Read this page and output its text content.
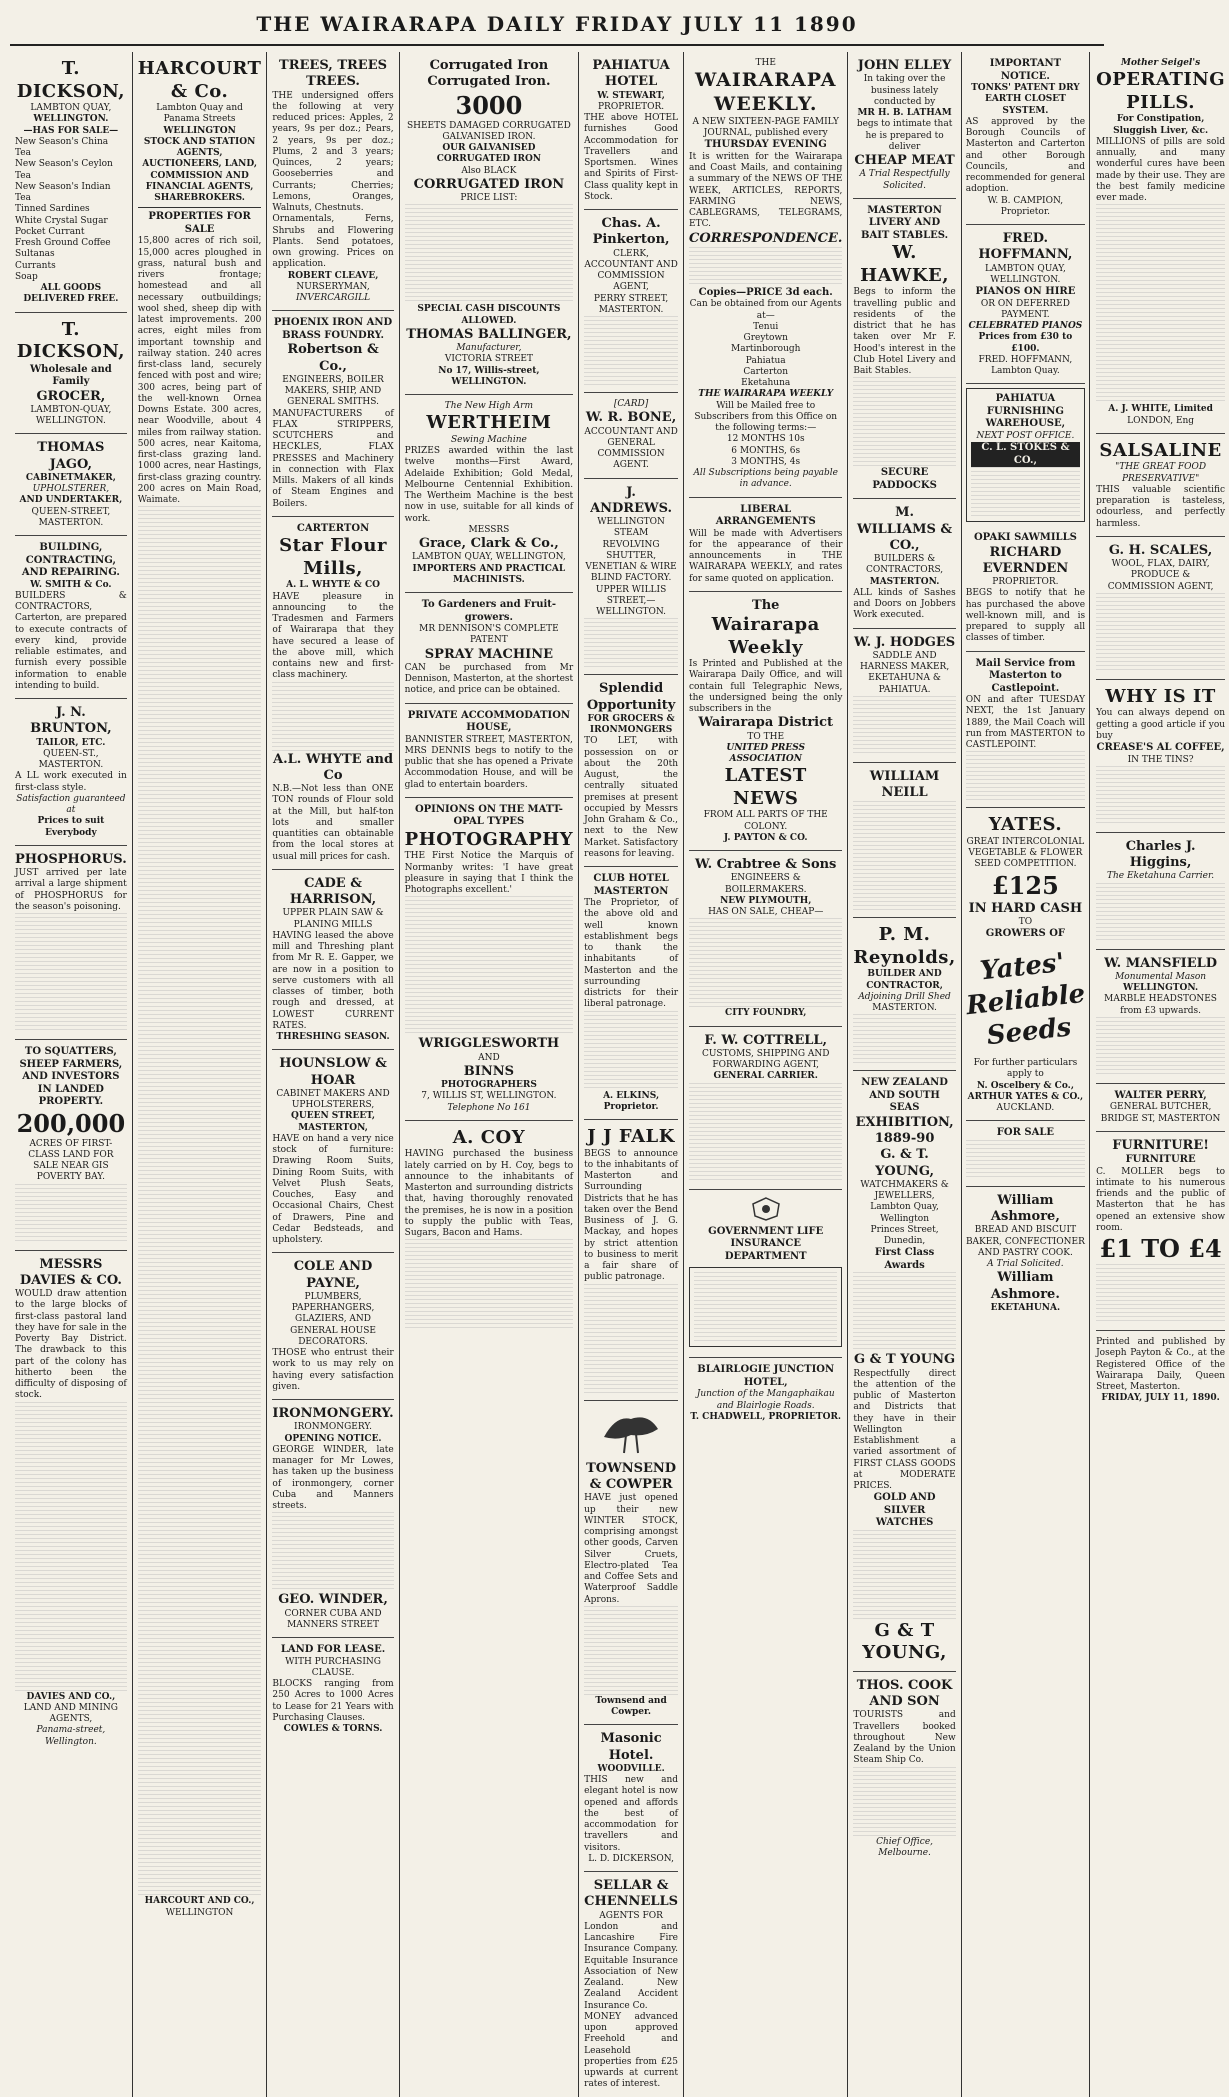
THE WAIRARAPA DAILY FRIDAY JULY 11 1890
T. DICKSON,
LAMBTON QUAY,
WELLINGTON.
—HAS FOR SALE—
New Season's China Tea
New Season's Ceylon Tea
New Season's Indian Tea
Tinned Sardines
White Crystal Sugar
Pocket Currant
Fresh Ground Coffee
Sultanas
Currants
Soap
ALL GOODS DELIVERED FREE.
T. DICKSON,
Wholesale and Family
GROCER,
LAMBTON-QUAY,
WELLINGTON.
THOMAS JAGO,
CABINETMAKER,
UPHOLSTERER,
AND UNDERTAKER,
QUEEN-STREET, MASTERTON.
BUILDING, CONTRACTING, AND REPAIRING.
W. SMITH & Co.
BUILDERS & CONTRACTORS, Carterton, are prepared to execute contracts of every kind, provide reliable estimates, and furnish every possible information to enable intending to build.
J. N. BRUNTON,
TAILOR, ETC.
QUEEN-ST., MASTERTON.
A LL work executed in first-class style.
Satisfaction guaranteed at
Prices to suit Everybody
PHOSPHORUS.
JUST arrived per late arrival a large shipment of PHOSPHORUS for the season's poisoning.
TO SQUATTERS, SHEEP FARMERS, AND INVESTORS IN LANDED PROPERTY.
200,000
ACRES OF FIRST-CLASS LAND FOR SALE NEAR GIS POVERTY BAY.
MESSRS DAVIES & CO.
WOULD draw attention to the large blocks of first-class pastoral land they have for sale in the Poverty Bay District. The drawback to this part of the colony has hitherto been the difficulty of disposing of stock.
DAVIES AND CO.,
LAND AND MINING AGENTS,
Panama-street, Wellington.
HARCOURT & Co.
Lambton Quay and Panama Streets
WELLINGTON
STOCK AND STATION AGENTS, AUCTIONEERS, LAND, COMMISSION AND FINANCIAL AGENTS, SHAREBROKERS.
PROPERTIES FOR SALE
15,800 acres of rich soil, 15,000 acres ploughed in grass, natural bush and rivers frontage; homestead and all necessary outbuildings; wool shed, sheep dip with latest improvements. 200 acres, eight miles from important township and railway station. 240 acres first-class land, securely fenced with post and wire; 300 acres, being part of the well-known Ornea Downs Estate. 300 acres, near Woodville, about 4 miles from railway station. 500 acres, near Kaitoma, first-class grazing land. 1000 acres, near Hastings, first-class grazing country. 200 acres on Main Road, Waimate.
HARCOURT AND CO.,
WELLINGTON
TREES, TREES TREES.
THE undersigned offers the following at very reduced prices: Apples, 2 years, 9s per doz.; Pears, 2 years, 9s per doz.; Plums, 2 and 3 years; Quinces, 2 years; Gooseberries and Currants; Cherries; Lemons, Oranges, Walnuts, Chestnuts.
Ornamentals, Ferns, Shrubs and Flowering Plants. Send potatoes, own growing. Prices on application.
ROBERT CLEAVE,
NURSERYMAN,
INVERCARGILL
PHOENIX IRON AND BRASS FOUNDRY.
Robertson & Co.,
ENGINEERS, BOILER MAKERS, SHIP, AND GENERAL SMITHS.
MANUFACTURERS of FLAX STRIPPERS, SCUTCHERS and HECKLES, FLAX PRESSES and Machinery in connection with Flax Mills. Makers of all kinds of Steam Engines and Boilers.
CARTERTON
Star Flour Mills,
A. L. WHYTE & CO
HAVE pleasure in announcing to the Tradesmen and Farmers of Wairarapa that they have secured a lease of the above mill, which contains new and first-class machinery.
A.L. WHYTE and Co
N.B.—Not less than ONE TON rounds of Flour sold at the Mill, but half-ton lots and smaller quantities can obtainable from the local stores at usual mill prices for cash.
CADE & HARRISON,
UPPER PLAIN SAW & PLANING MILLS
HAVING leased the above mill and Threshing plant from Mr R. E. Gapper, we are now in a position to serve customers with all classes of timber, both rough and dressed, at LOWEST CURRENT RATES.
THRESHING SEASON.
HOUNSLOW & HOAR
CABINET MAKERS AND UPHOLSTERERS,
QUEEN STREET, MASTERTON,
HAVE on hand a very nice stock of furniture: Drawing Room Suits, Dining Room Suits, with Velvet Plush Seats, Couches, Easy and Occasional Chairs, Chest of Drawers, Pine and Cedar Bedsteads, and upholstery.
COLE AND PAYNE,
PLUMBERS, PAPERHANGERS, GLAZIERS, AND GENERAL HOUSE DECORATORS.
THOSE who entrust their work to us may rely on having every satisfaction given.
IRONMONGERY.
IRONMONGERY.
OPENING NOTICE.
GEORGE WINDER, late manager for Mr Lowes, has taken up the business of ironmongery, corner Cuba and Manners streets.
GEO. WINDER,
CORNER CUBA AND MANNERS STREET
LAND FOR LEASE.
WITH PURCHASING CLAUSE.
BLOCKS ranging from 250 Acres to 1000 Acres to Lease for 21 Years with Purchasing Clauses.
COWLES & TORNS.
Corrugated Iron
Corrugated Iron.
3000
SHEETS DAMAGED CORRUGATED GALVANISED IRON.
OUR GALVANISED CORRUGATED IRON
Also BLACK
CORRUGATED IRON
PRICE LIST:
SPECIAL CASH DISCOUNTS ALLOWED.
THOMAS BALLINGER,
Manufacturer,
VICTORIA STREET
No 17, Willis-street,
WELLINGTON.
The New High Arm
WERTHEIM
Sewing Machine
PRIZES awarded within the last twelve months—First Award, Adelaide Exhibition; Gold Medal, Melbourne Centennial Exhibition. The Wertheim Machine is the best now in use, suitable for all kinds of work.
MESSRS
Grace, Clark & Co.,
LAMBTON QUAY, WELLINGTON,
IMPORTERS AND PRACTICAL MACHINISTS.
To Gardeners and Fruit-growers.
MR DENNISON'S COMPLETE PATENT
SPRAY MACHINE
CAN be purchased from Mr Dennison, Masterton, at the shortest notice, and price can be obtained.
PRIVATE ACCOMMODATION HOUSE,
BANNISTER STREET, MASTERTON,
MRS DENNIS begs to notify to the public that she has opened a Private Accommodation House, and will be glad to entertain boarders.
OPINIONS ON THE MATT-OPAL TYPES
PHOTOGRAPHY
THE First Notice the Marquis of Normanby writes: 'I have great pleasure in saying that I think the Photographs excellent.'
WRIGGLESWORTH
AND
BINNS
PHOTOGRAPHERS
7, WILLIS ST, WELLINGTON.
Telephone No 161
A. COY
HAVING purchased the business lately carried on by H. Coy, begs to announce to the inhabitants of Masterton and surrounding districts that, having thoroughly renovated the premises, he is now in a position to supply the public with Teas, Sugars, Bacon and Hams.
PAHIATUA HOTEL
W. STEWART,
PROPRIETOR.
THE above HOTEL furnishes Good Accommodation for Travellers and Sportsmen. Wines and Spirits of First-Class quality kept in Stock.
Chas. A. Pinkerton,
CLERK, ACCOUNTANT AND COMMISSION AGENT,
PERRY STREET, MASTERTON.
[CARD]
W. R. BONE,
ACCOUNTANT AND GENERAL COMMISSION AGENT.
J. ANDREWS.
WELLINGTON STEAM REVOLVING SHUTTER, VENETIAN & WIRE BLIND FACTORY.
UPPER WILLIS STREET,—WELLINGTON.
Splendid Opportunity
FOR GROCERS & IRONMONGERS
TO LET, with possession on or about the 20th August, the centrally situated premises at present occupied by Messrs John Graham & Co., next to the New Market. Satisfactory reasons for leaving.
CLUB HOTEL MASTERTON
The Proprietor, of the above old and well known establishment begs to thank the inhabitants of Masterton and the surrounding districts for their liberal patronage.
A. ELKINS, Proprietor.
J J FALK
BEGS to announce to the inhabitants of Masterton and Surrounding Districts that he has taken over the Bend Business of J. G. Mackay, and hopes by strict attention to business to merit a fair share of public patronage.
TOWNSEND & COWPER
HAVE just opened up their new WINTER STOCK, comprising amongst other goods, Carven Silver Cruets, Electro-plated Tea and Coffee Sets and Waterproof Saddle Aprons.
Townsend and Cowper.
Masonic Hotel.
WOODVILLE.
THIS new and elegant hotel is now opened and affords the best of accommodation for travellers and visitors.
L. D. DICKERSON,
SELLAR & CHENNELLS
AGENTS FOR
London and Lancashire Fire Insurance Company. Equitable Insurance Association of New Zealand. New Zealand Accident Insurance Co.
MONEY advanced upon approved Freehold and Leasehold properties from £25 upwards at current rates of interest.
THE
WAIRARAPA
WEEKLY.
A NEW SIXTEEN-PAGE FAMILY JOURNAL, published every
THURSDAY EVENING
It is written for the Wairarapa and Coast Mails, and containing a summary of the NEWS OF THE WEEK, ARTICLES, REPORTS, FARMING NEWS, CABLEGRAMS, TELEGRAMS, ETC.
CORRESPONDENCE.
Copies—PRICE 3d each.
Can be obtained from our Agents at—
Tenui
Greytown
Martinborough
Pahiatua
Carterton
Eketahuna
THE WAIRARAPA WEEKLY
Will be Mailed free to Subscribers from this Office on the following terms:—
12 MONTHS 10s
6 MONTHS, 6s
3 MONTHS, 4s
All Subscriptions being payable in advance.
LIBERAL ARRANGEMENTS
Will be made with Advertisers for the appearance of their announcements in THE WAIRARAPA WEEKLY, and rates for same quoted on application.
The
Wairarapa Weekly
Is Printed and Published at the Wairarapa Daily Office, and will contain full Telegraphic News, the undersigned being the only subscribers in the
Wairarapa District
TO THE
UNITED PRESS ASSOCIATION
LATEST NEWS
FROM ALL PARTS OF THE COLONY.
J. PAYTON & CO.
W. Crabtree & Sons
ENGINEERS & BOILERMAKERS.
NEW PLYMOUTH,
HAS ON SALE, CHEAP—
CITY FOUNDRY,
F. W. COTTRELL,
CUSTOMS, SHIPPING AND FORWARDING AGENT,
GENERAL CARRIER.
GOVERNMENT LIFE INSURANCE DEPARTMENT
BLAIRLOGIE JUNCTION HOTEL,
Junction of the Mangaphaikau and Blairlogie Roads.
T. CHADWELL, PROPRIETOR.
JOHN ELLEY
In taking over the business lately conducted by
MR H. B. LATHAM
begs to intimate that he is prepared to deliver
CHEAP MEAT
A Trial Respectfully Solicited.
MASTERTON LIVERY AND BAIT STABLES.
W. HAWKE,
Begs to inform the travelling public and residents of the district that he has taken over Mr F. Hood's interest in the Club Hotel Livery and Bait Stables.
SECURE PADDOCKS
M. WILLIAMS & CO.,
BUILDERS & CONTRACTORS,
MASTERTON.
ALL kinds of Sashes and Doors on Jobbers Work executed.
W. J. HODGES
SADDLE AND HARNESS MAKER, EKETAHUNA & PAHIATUA.
WILLIAM NEILL
P. M. Reynolds,
BUILDER AND CONTRACTOR,
Adjoining Drill Shed
MASTERTON.
NEW ZEALAND AND SOUTH SEAS
EXHIBITION, 1889-90
G. & T. YOUNG,
WATCHMAKERS & JEWELLERS,
Lambton Quay, Wellington
Princes Street, Dunedin,
First Class Awards
G & T YOUNG
Respectfully direct the attention of the public of Masterton and Districts that they have in their Wellington Establishment a varied assortment of FIRST CLASS GOODS at MODERATE PRICES.
GOLD AND SILVER WATCHES
G & T YOUNG,
THOS. COOK AND SON
TOURISTS and Travellers booked throughout New Zealand by the Union Steam Ship Co.
Chief Office, Melbourne.
IMPORTANT NOTICE.
TONKS' PATENT DRY EARTH CLOSET SYSTEM.
AS approved by the Borough Councils of Masterton and Carterton and other Borough Councils, and recommended for general adoption.
W. B. CAMPION, Proprietor.
FRED. HOFFMANN,
LAMBTON QUAY, WELLINGTON.
PIANOS ON HIRE
OR ON DEFERRED PAYMENT.
CELEBRATED PIANOS
Prices from £30 to £100.
FRED. HOFFMANN, Lambton Quay.
PAHIATUA FURNISHING WAREHOUSE,
NEXT POST OFFICE.
C. L. STOKES & CO.,
OPAKI SAWMILLS
RICHARD EVERNDEN
PROPRIETOR.
BEGS to notify that he has purchased the above well-known mill, and is prepared to supply all classes of timber.
Mail Service from Masterton to Castlepoint.
ON and after TUESDAY NEXT, the 1st January 1889, the Mail Coach will run from MASTERTON to CASTLEPOINT.
YATES.
GREAT INTERCOLONIAL VEGETABLE & FLOWER SEED COMPETITION.
£125
IN HARD CASH
TO
GROWERS OF
Yates' Reliable Seeds
For further particulars apply to
N. Oscelbery & Co.,
ARTHUR YATES & CO.,
AUCKLAND.
FOR SALE
William Ashmore,
BREAD AND BISCUIT BAKER, CONFECTIONER AND PASTRY COOK.
A Trial Solicited.
William Ashmore.
EKETAHUNA.
Mother Seigel's
OPERATING PILLS.
For Constipation, Sluggish Liver, &c.
MILLIONS of pills are sold annually, and many wonderful cures have been made by their use. They are the best family medicine ever made.
A. J. WHITE, Limited
LONDON, Eng
SALSALINE
"THE GREAT FOOD PRESERVATIVE"
THIS valuable scientific preparation is tasteless, odourless, and perfectly harmless.
G. H. SCALES,
WOOL, FLAX, DAIRY, PRODUCE & COMMISSION AGENT,
WHY IS IT
You can always depend on getting a good article if you buy
CREASE'S AL COFFEE,
IN THE TINS?
Charles J. Higgins,
The Eketahuna Carrier.
W. MANSFIELD
Monumental Mason
WELLINGTON.
MARBLE HEADSTONES from £3 upwards.
WALTER PERRY,
GENERAL BUTCHER, BRIDGE ST, MASTERTON
FURNITURE!
FURNITURE
C. MOLLER begs to intimate to his numerous friends and the public of Masterton that he has opened an extensive show room.
£1 TO £4
Printed and published by Joseph Payton & Co., at the Registered Office of the Wairarapa Daily, Queen Street, Masterton.
FRIDAY, JULY 11, 1890.
